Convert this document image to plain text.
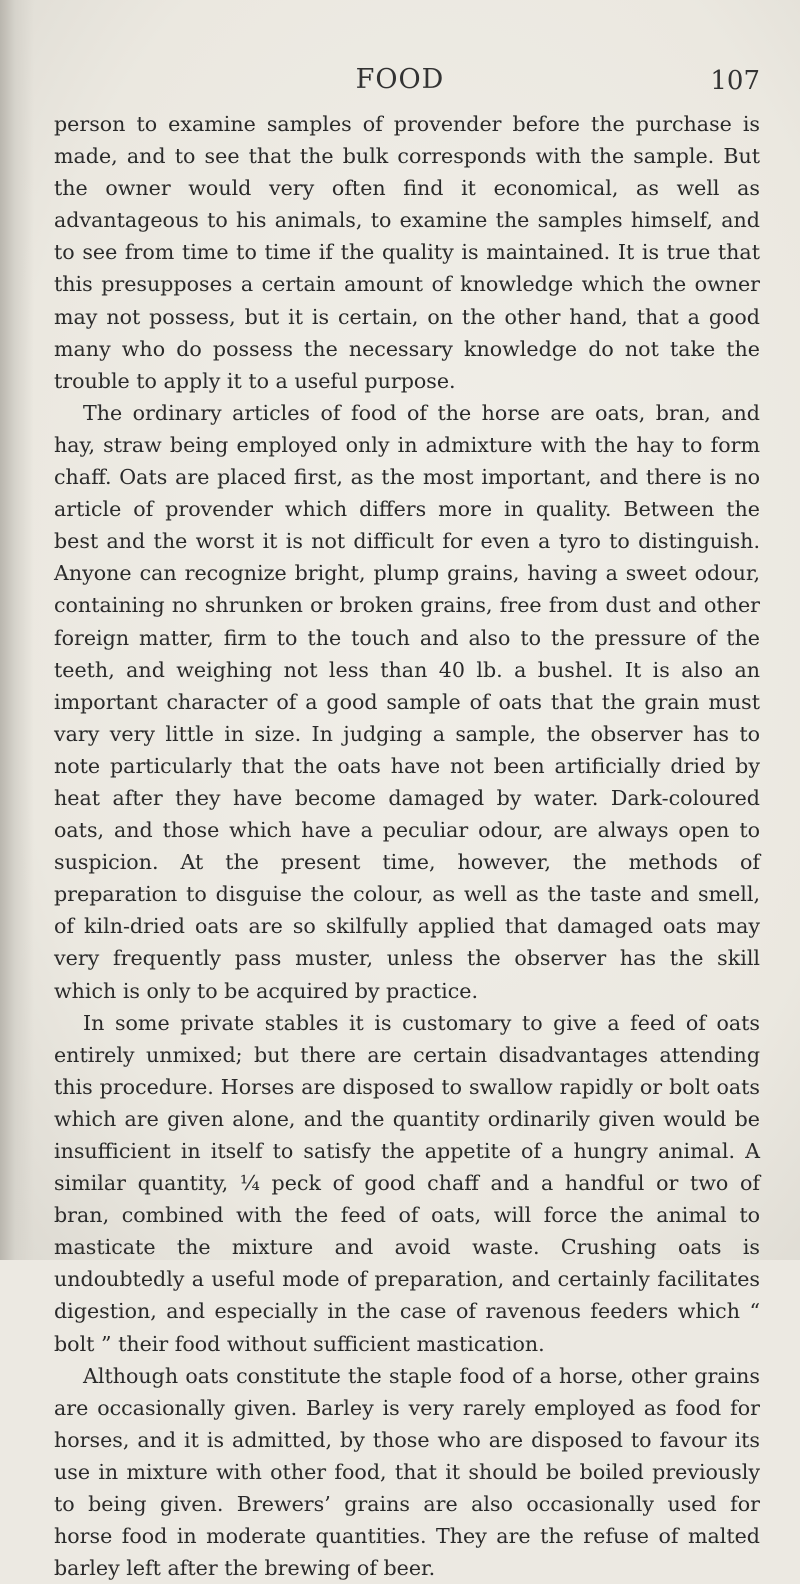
FOOD	107

person to examine samples of provender before the purchase is made, and to see that the bulk corresponds with the sample. But the owner would very often find it economical, as well as advantageous to his animals, to examine the samples himself, and to see from time to time if the quality is maintained. It is true that this presupposes a certain amount of knowledge which the owner may not possess, but it is certain, on the other hand, that a good many who do possess the necessary knowledge do not take the trouble to apply it to a useful purpose.

The ordinary articles of food of the horse are oats, bran, and hay, straw being employed only in admixture with the hay to form chaff. Oats are placed first, as the most important, and there is no article of provender which differs more in quality. Between the best and the worst it is not difficult for even a tyro to distinguish. Anyone can recognize bright, plump grains, having a sweet odour, containing no shrunken or broken grains, free from dust and other foreign matter, firm to the touch and also to the pressure of the teeth, and weighing not less than 40 lb. a bushel. It is also an important character of a good sample of oats that the grain must vary very little in size. In judging a sample, the observer has to note particularly that the oats have not been artificially dried by heat after they have become damaged by water. Dark-coloured oats, and those which have a peculiar odour, are always open to suspicion. At the present time, however, the methods of preparation to disguise the colour, as well as the taste and smell, of kiln-dried oats are so skilfully applied that damaged oats may very frequently pass muster, unless the observer has the skill which is only to be acquired by practice.

In some private stables it is customary to give a feed of oats entirely unmixed; but there are certain disadvantages attending this procedure. Horses are disposed to swallow rapidly or bolt oats which are given alone, and the quantity ordinarily given would be insufficient in itself to satisfy the appetite of a hungry animal. A similar quantity, ¼ peck of good chaff and a handful or two of bran, combined with the feed of oats, will force the animal to masticate the mixture and avoid waste. Crushing oats is undoubtedly a useful mode of preparation, and certainly facilitates digestion, and especially in the case of ravenous feeders which “ bolt ” their food without sufficient mastication.

Although oats constitute the staple food of a horse, other grains are occasionally given. Barley is very rarely employed as food for horses, and it is admitted, by those who are disposed to favour its use in mixture with other food, that it should be boiled previously to being given. Brewers’ grains are also occasionally used for horse food in moderate quantities. They are the refuse of malted barley left after the brewing of beer.
